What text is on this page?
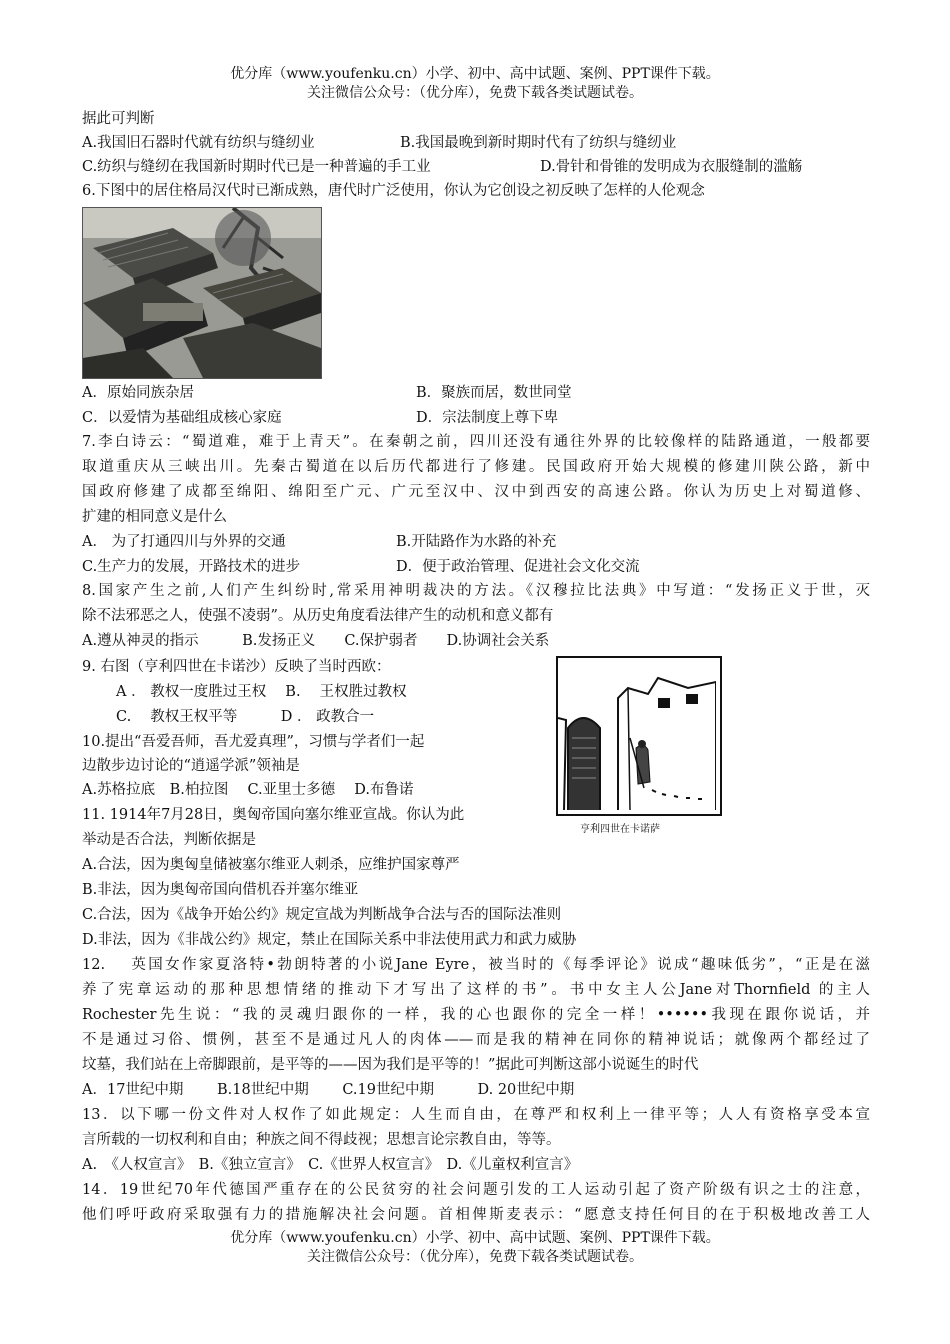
优分库（www.youfenku.cn）小学、初中、高中试题、案例、PPT课件下载。
关注微信公众号：（优分库），免费下载各类试题试卷。
据此可判断
A.我国旧石器时代就有纺织与缝纫业	B.我国最晚到新时期时代有了纺织与缝纫业
C.纺织与缝纫在我国新时期时代已是一种普遍的手工业	D.骨针和骨锥的发明成为衣服缝制的滥觞
6.下图中的居住格局汉代时已渐成熟，唐代时广泛使用，你认为它创设之初反映了怎样的人伦观念
A．原始同族杂居	B．聚族而居，数世同堂
C．以爱情为基础组成核心家庭	D．宗法制度上尊下卑
7.李白诗云：“蜀道难，难于上青天”。在秦朝之前，四川还没有通往外界的比较像样的陆路通道，一般都要
取道重庆从三峡出川。先秦古蜀道在以后历代都进行了修建。民国政府开始大规模的修建川陕公路，新中
国政府修建了成都至绵阳、绵阳至广元、广元至汉中、汉中到西安的高速公路。你认为历史上对蜀道修、
扩建的相同意义是什么
A． 为了打通四川与外界的交通	B.开陆路作为水路的补充
C.生产力的发展，开路技术的进步	D．便于政治管理、促进社会文化交流
8.国家产生之前,人们产生纠纷时,常采用神明裁决的方法。《汉穆拉比法典》中写道：“发扬正义于世，灭
除不法邪恶之人，使强不凌弱”。从历史角度看法律产生的动机和意义都有
A.遵从神灵的指示　　　B.发扬正义　　C.保护弱者　　D.协调社会关系
9. 右图（亨利四世在卡诺沙）反映了当时西欧：
A ． 教权一度胜过王权　 B.　 王权胜过教权
C.　 教权王权平等　　　D ． 政教合一
亨利四世在卡诺萨
10.提出“吾爱吾师，吾尤爱真理”，习惯与学者们一起
边散步边讨论的“逍遥学派”领袖是
A.苏格拉底　B.柏拉图　 C.亚里士多德　 D.布鲁诺
11. 1914年7月28日，奥匈帝国向塞尔维亚宣战。你认为此
举动是否合法，判断依据是
A.合法，因为奥匈皇储被塞尔维亚人刺杀，应维护国家尊严
B.非法，因为奥匈帝国向借机吞并塞尔维亚
C.合法，因为《战争开始公约》规定宣战为判断战争合法与否的国际法准则
D.非法，因为《非战公约》规定，禁止在国际关系中非法使用武力和武力威胁
12.　 英国女作家夏洛特•勃朗特著的小说Jane Eyre，被当时的《每季评论》说成“趣味低劣”，“正是在滋
养了宪章运动的那种思想情绪的推动下才写出了这样的书”。书中女主人公Jane对Thornfield 的主人
Rochester先生说：“我的灵魂归跟你的一样，我的心也跟你的完全一样！••••••我现在跟你说话，并
不是通过习俗、惯例，甚至不是通过凡人的肉体——而是我的精神在同你的精神说话；就像两个都经过了
坟墓，我们站在上帝脚跟前，是平等的——因为我们是平等的！”据此可判断这部小说诞生的时代
A．17世纪中期　　 B.18世纪中期　　 C.19世纪中期　　　D. 20世纪中期
13．以下哪一份文件对人权作了如此规定：人生而自由，在尊严和权利上一律平等；人人有资格享受本宣
言所载的一切权利和自由；种族之间不得歧视；思想言论宗教自由，等等。
A.　《人权宣言》　B.《独立宣言》　C.《世界人权宣言》　D.《儿童权利宣言》
14．19世纪70年代德国严重存在的公民贫穷的社会问题引发的工人运动引起了资产阶级有识之士的注意，
他们呼吁政府采取强有力的措施解决社会问题。首相俾斯麦表示：“愿意支持任何目的在于积极地改善工人
优分库（www.youfenku.cn）小学、初中、高中试题、案例、PPT课件下载。
关注微信公众号：（优分库），免费下载各类试题试卷。
